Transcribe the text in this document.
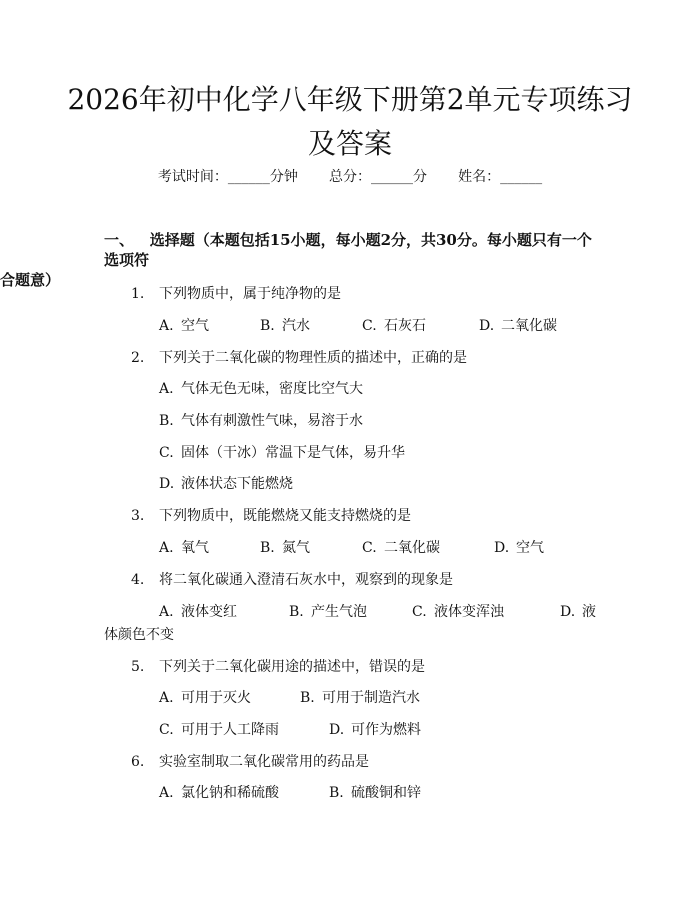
2026年初中化学八年级下册第2单元专项练习及答案

考试时间：______分钟 总分：______分 姓名：______

一、 选择题（本题包括15小题，每小题2分，共30分。每小题只有一个选项符
合题意）

1. 下列物质中，属于纯净物的是

A. 空气	B. 汽水	C. 石灰石	D. 二氧化碳

2. 下列关于二氧化碳的物理性质的描述中，正确的是

A. 气体无色无味，密度比空气大

B. 气体有刺激性气味，易溶于水

C. 固体（干冰）常温下是气体，易升华

D. 液体状态下能燃烧

3. 下列物质中，既能燃烧又能支持燃烧的是

A. 氧气	B. 氮气	C. 二氧化碳	D. 空气

4. 将二氧化碳通入澄清石灰水中，观察到的现象是

A. 液体变红	B. 产生气泡	C. 液体变浑浊	D. 液

体颜色不变

5. 下列关于二氧化碳用途的描述中，错误的是

A. 可用于灭火	B. 可用于制造汽水

C. 可用于人工降雨	D. 可作为燃料

6. 实验室制取二氧化碳常用的药品是

A. 氯化钠和稀硫酸	B. 硫酸铜和锌
